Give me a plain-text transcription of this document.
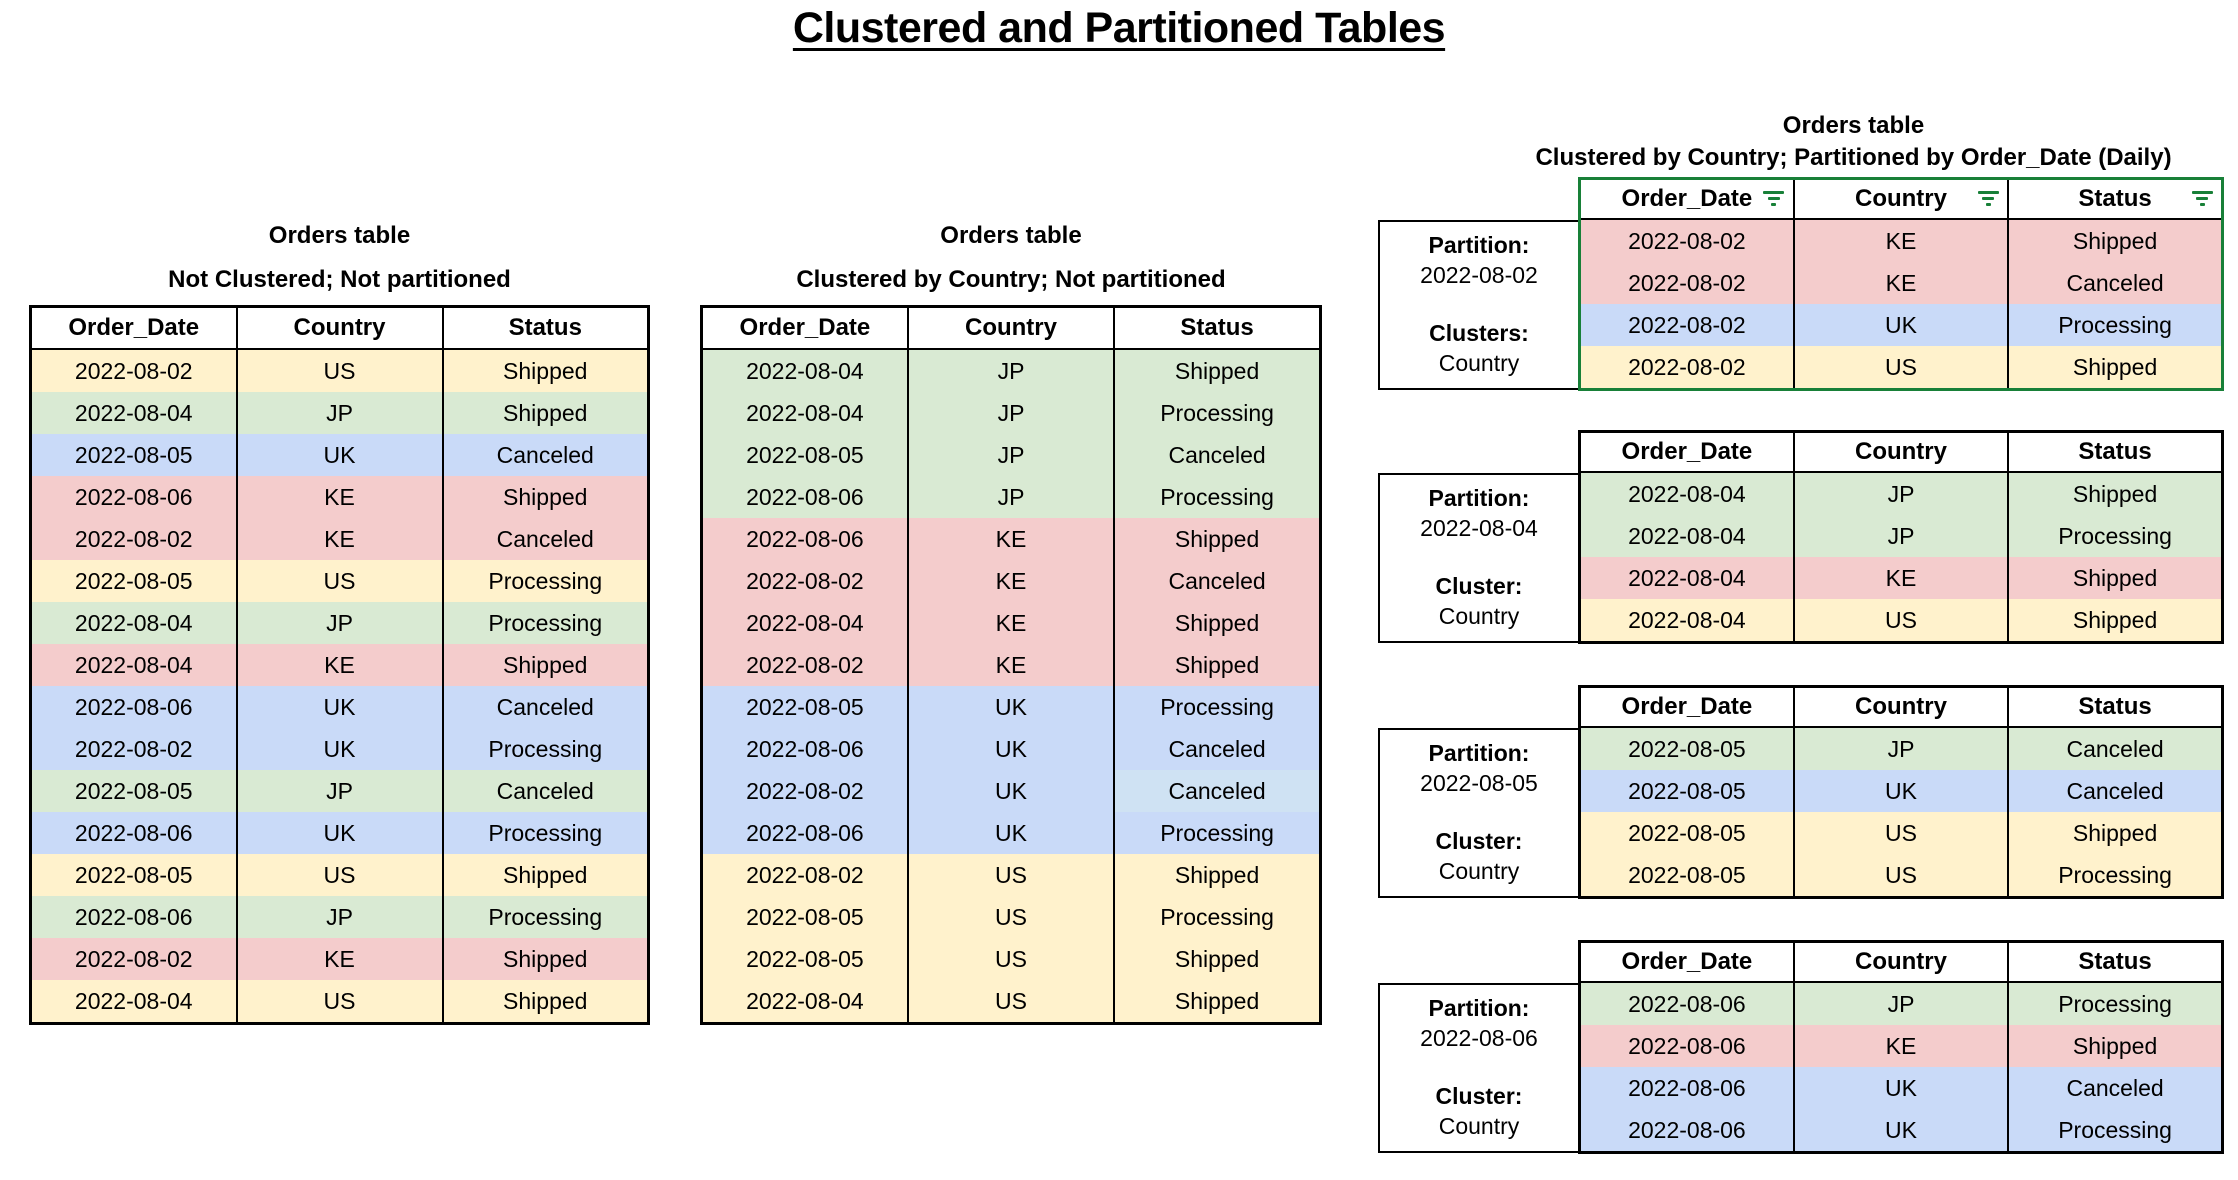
Clustered and Partitioned Tables
Orders table
Not Clustered; Not partitioned
Order_Date	Country	Status
2022-08-02	US	Shipped
2022-08-04	JP	Shipped
2022-08-05	UK	Canceled
2022-08-06	KE	Shipped
2022-08-02	KE	Canceled
2022-08-05	US	Processing
2022-08-04	JP	Processing
2022-08-04	KE	Shipped
2022-08-06	UK	Canceled
2022-08-02	UK	Processing
2022-08-05	JP	Canceled
2022-08-06	UK	Processing
2022-08-05	US	Shipped
2022-08-06	JP	Processing
2022-08-02	KE	Shipped
2022-08-04	US	Shipped
Orders table
Clustered by Country; Not partitioned
Order_Date	Country	Status
2022-08-04	JP	Shipped
2022-08-04	JP	Processing
2022-08-05	JP	Canceled
2022-08-06	JP	Processing
2022-08-06	KE	Shipped
2022-08-02	KE	Canceled
2022-08-04	KE	Shipped
2022-08-02	KE	Shipped
2022-08-05	UK	Processing
2022-08-06	UK	Canceled
2022-08-02	UK	Canceled
2022-08-06	UK	Processing
2022-08-02	US	Shipped
2022-08-05	US	Processing
2022-08-05	US	Shipped
2022-08-04	US	Shipped
Orders table
Clustered by Country; Partitioned by Order_Date (Daily)
Partition:
2022-08-02
Clusters:
Country
Order_Date	Country	Status

2022-08-02	KE	Shipped
2022-08-02	KE	Canceled
2022-08-02	UK	Processing
2022-08-02	US	Shipped
Partition:
2022-08-04
Cluster:
Country
Order_Date	Country	Status
2022-08-04	JP	Shipped
2022-08-04	JP	Processing
2022-08-04	KE	Shipped
2022-08-04	US	Shipped
Partition:
2022-08-05
Cluster:
Country
Order_Date	Country	Status
2022-08-05	JP	Canceled
2022-08-05	UK	Canceled
2022-08-05	US	Shipped
2022-08-05	US	Processing
Partition:
2022-08-06
Cluster:
Country
Order_Date	Country	Status
2022-08-06	JP	Processing
2022-08-06	KE	Shipped
2022-08-06	UK	Canceled
2022-08-06	UK	Processing
